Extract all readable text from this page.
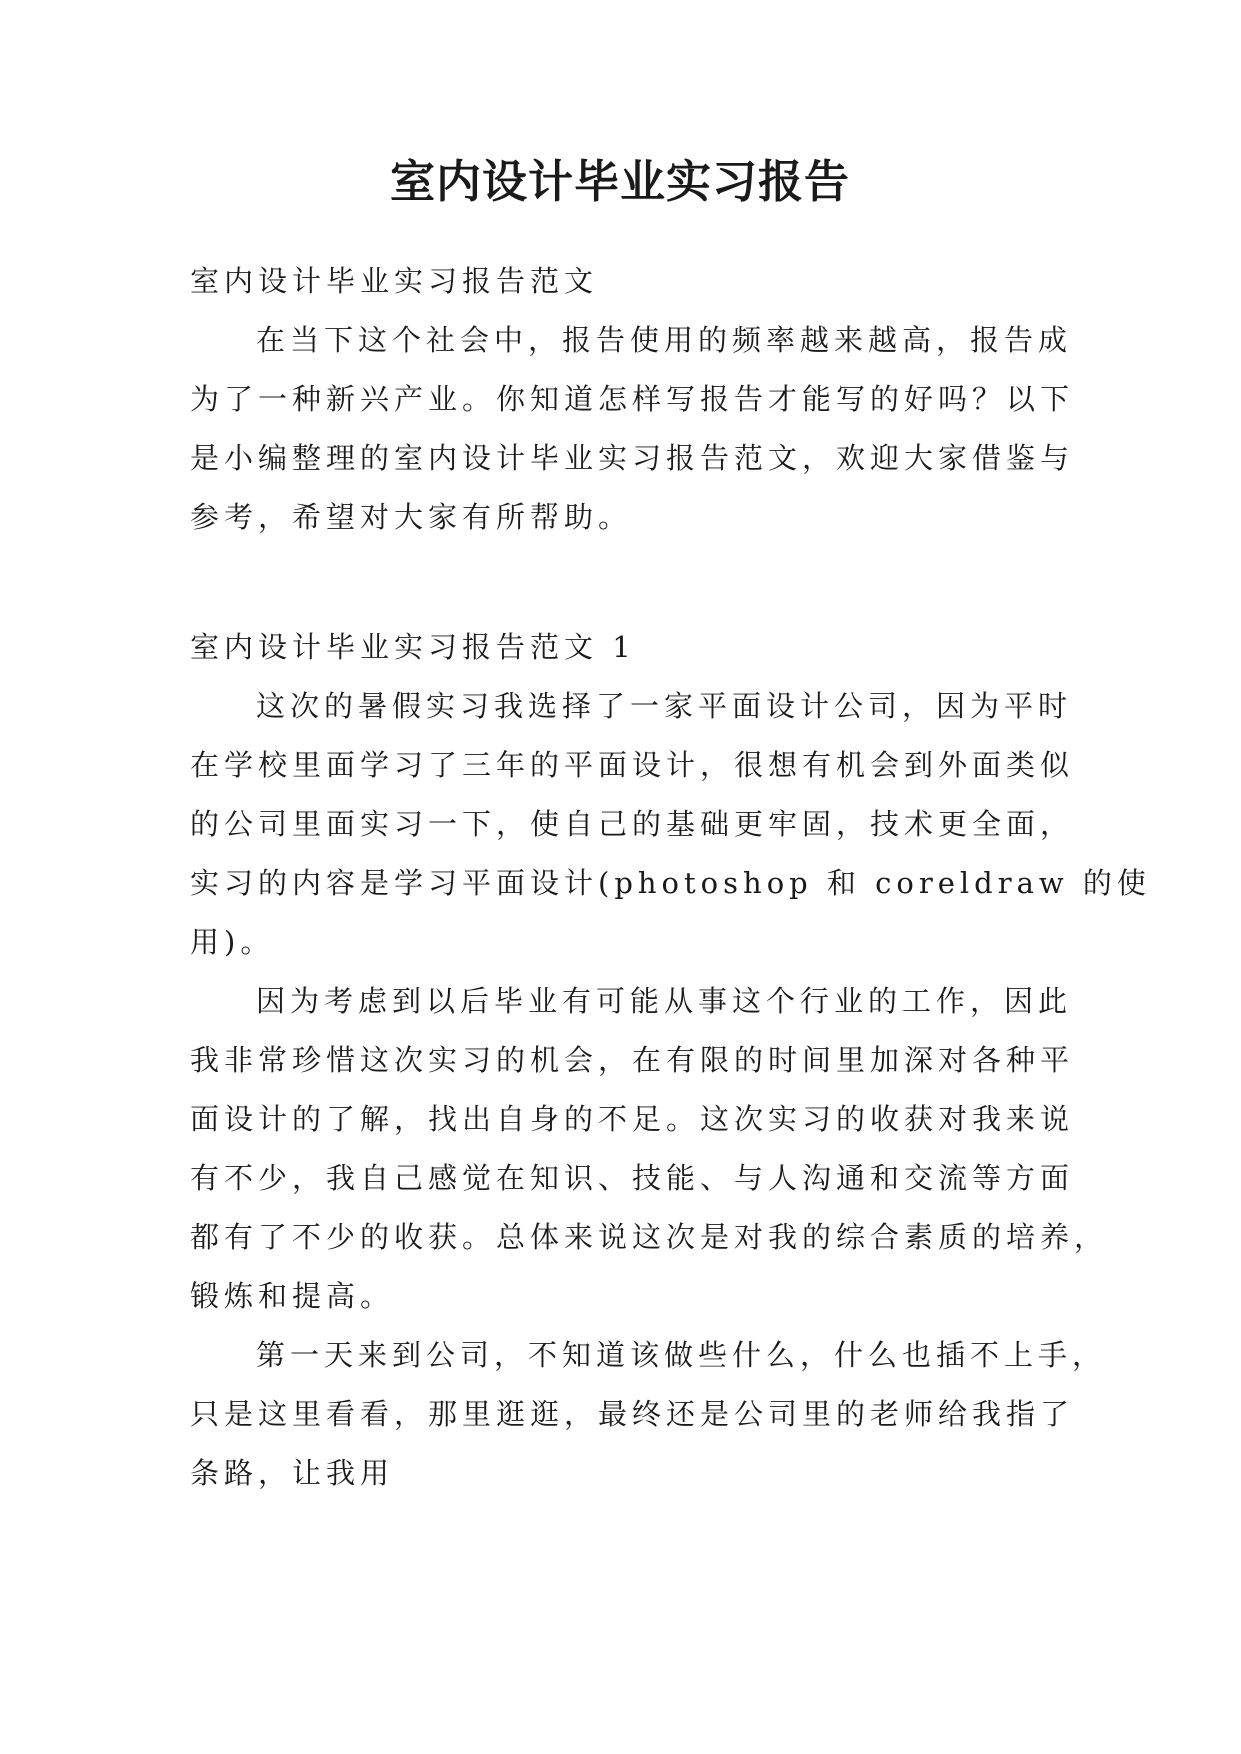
室内设计毕业实习报告

室内设计毕业实习报告范文

在当下这个社会中，报告使用的频率越来越高，报告成

为了一种新兴产业。你知道怎样写报告才能写的好吗？以下

是小编整理的室内设计毕业实习报告范文，欢迎大家借鉴与

参考，希望对大家有所帮助。

室内设计毕业实习报告范文 1

这次的暑假实习我选择了一家平面设计公司，因为平时

在学校里面学习了三年的平面设计，很想有机会到外面类似

的公司里面实习一下，使自己的基础更牢固，技术更全面，

实习的内容是学习平面设计(photoshop 和 coreldraw 的使

用)。

因为考虑到以后毕业有可能从事这个行业的工作，因此

我非常珍惜这次实习的机会，在有限的时间里加深对各种平

面设计的了解，找出自身的不足。这次实习的收获对我来说

有不少，我自己感觉在知识、技能、与人沟通和交流等方面

都有了不少的收获。总体来说这次是对我的综合素质的培养，

锻炼和提高。

第一天来到公司，不知道该做些什么，什么也插不上手，

只是这里看看，那里逛逛，最终还是公司里的老师给我指了

条路，让我用
